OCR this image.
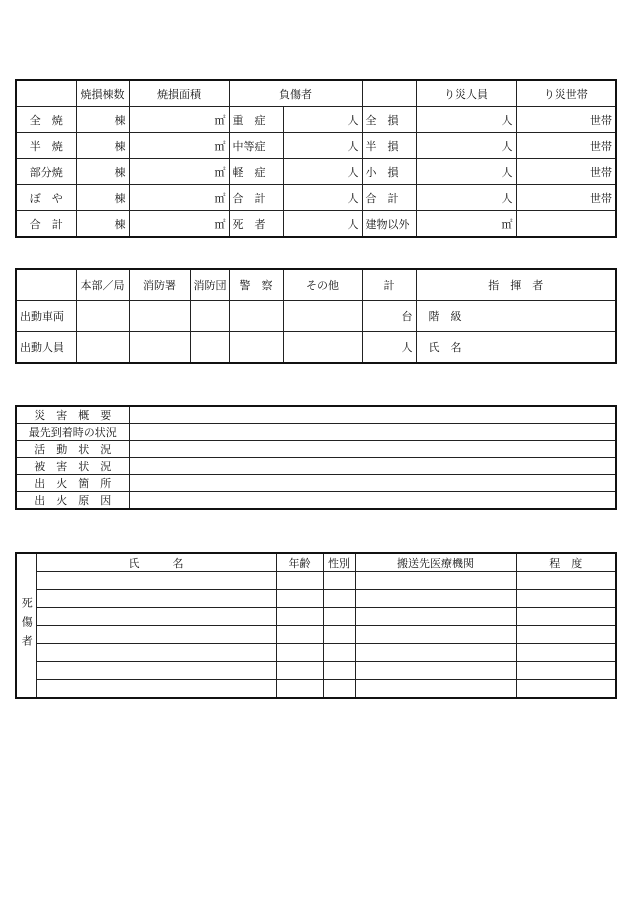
	焼損棟数	焼損面積	負傷者			り災人員	り災世帯
全　焼	棟	㎡	重　症	人	全　損	人	世帯
半　焼	棟	㎡	中等症	人	半　損	人	世帯
部分焼	棟	㎡	軽　症	人	小　損	人	世帯
ぼ　や	棟	㎡	合　計	人	合　計	人	世帯
合　計	棟	㎡	死　者	人	建物以外	㎡	
	本部／局	消防署	消防団	警　察	その他	計	指　揮　者
出動車両						台	階　級
出動人員						人	氏　名
災　害　概　要	
最先到着時の状況	
活　動　状　況	
被　害　状　況	
出　火　箇　所	
出　火　原　因	
死傷者	氏　　　名	年齢	性別	搬送先医療機関	程　度
